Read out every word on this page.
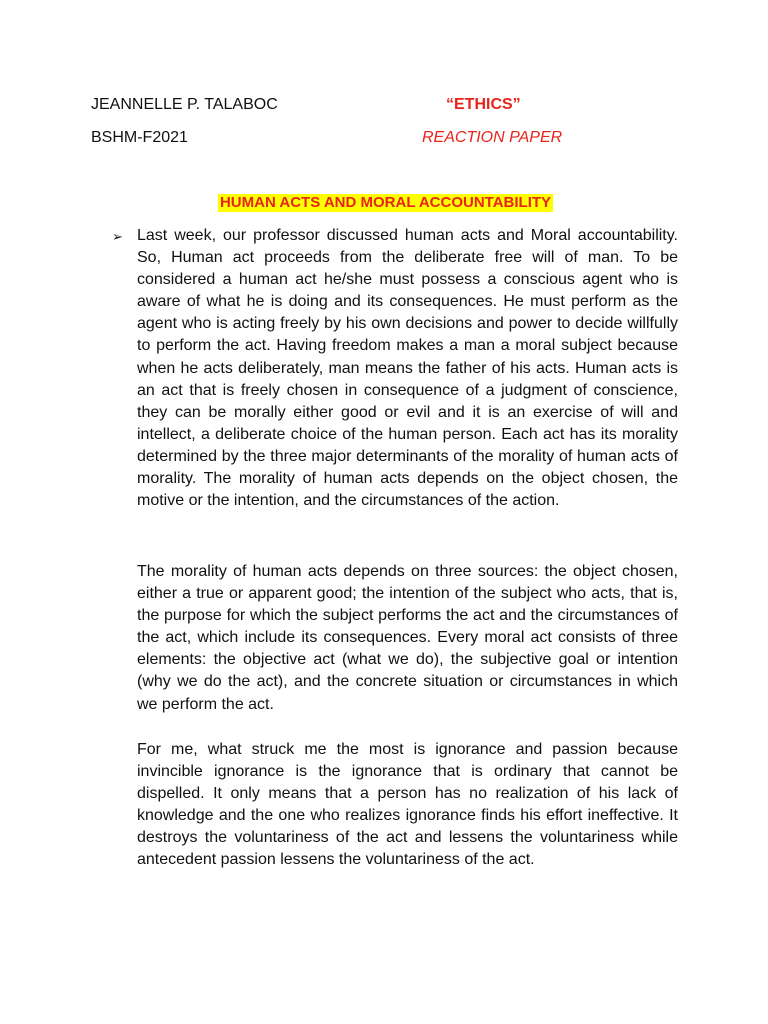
JEANNELLE P. TALABOC
BSHM-F2021
“ETHICS”
REACTION PAPER
HUMAN ACTS AND MORAL ACCOUNTABILITY
➢ Last week, our professor discussed human acts and Moral accountability. So, Human act proceeds from the deliberate free will of man. To be considered a human act he/she must possess a conscious agent who is aware of what he is doing and its consequences. He must perform as the agent who is acting freely by his own decisions and power to decide willfully to perform the act. Having freedom makes a man a moral subject because when he acts deliberately, man means the father of his acts. Human acts is an act that is freely chosen in consequence of a judgment of conscience, they can be morally either good or evil and it is an exercise of will and intellect, a deliberate choice of the human person. Each act has its morality determined by the three major determinants of the morality of human acts of morality. The morality of human acts depends on the object chosen, the motive or the intention, and the circumstances of the action.

The morality of human acts depends on three sources: the object chosen, either a true or apparent good; the intention of the subject who acts, that is, the purpose for which the subject performs the act and the circumstances of the act, which include its consequences. Every moral act consists of three elements: the objective act (what we do), the subjective goal or intention (why we do the act), and the concrete situation or circumstances in which we perform the act.

For me, what struck me the most is ignorance and passion because invincible ignorance is the ignorance that is ordinary that cannot be dispelled. It only means that a person has no realization of his lack of knowledge and the one who realizes ignorance finds his effort ineffective. It destroys the voluntariness of the act and lessens the voluntariness while antecedent passion lessens the voluntariness of the act.
